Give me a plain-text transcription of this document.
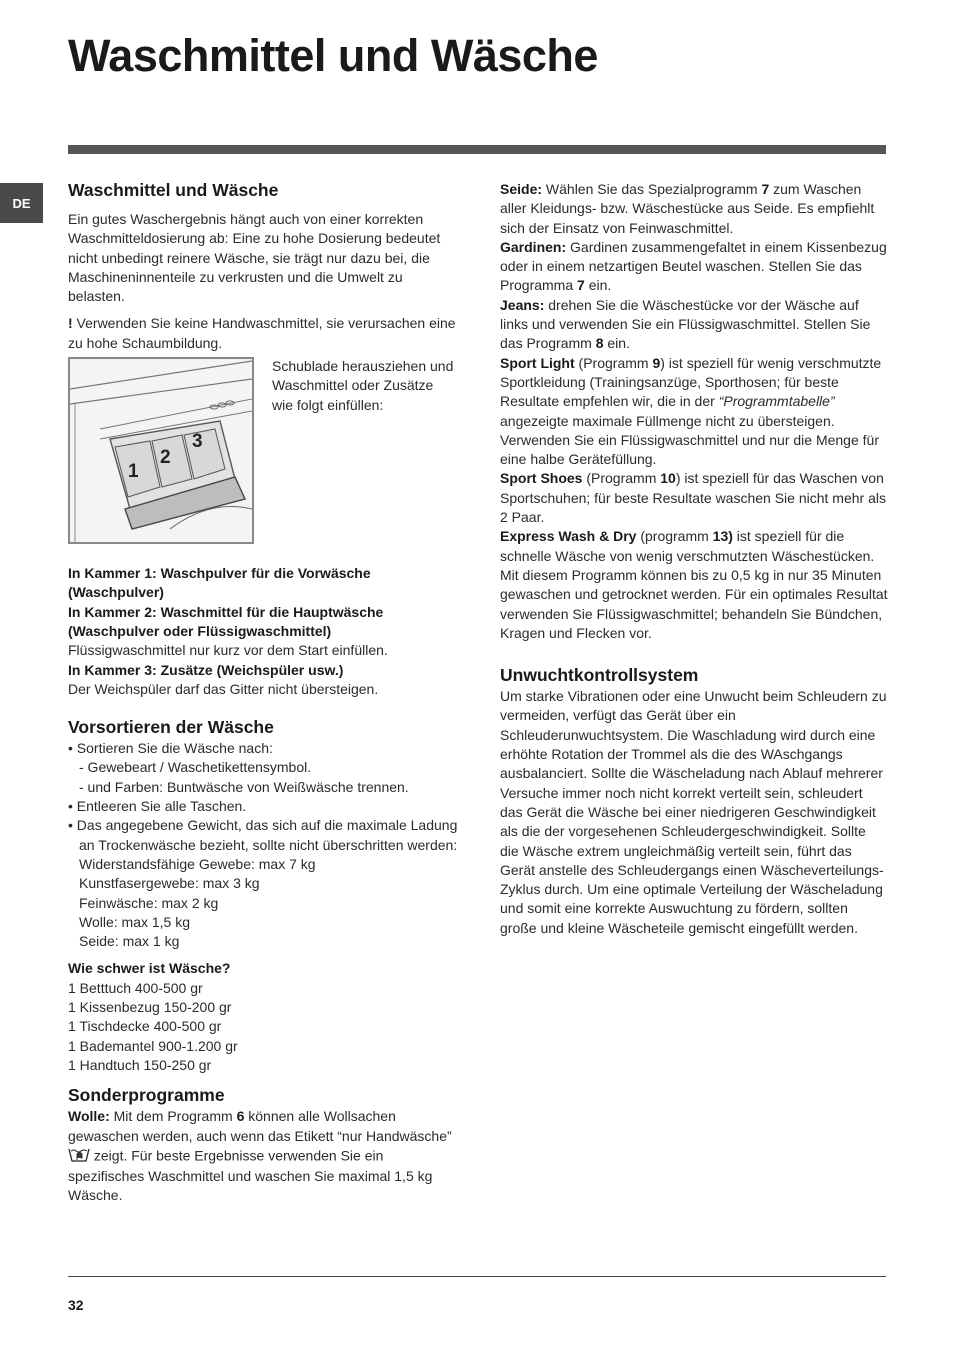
Waschmittel und Wäsche
DE
Waschmittel und Wäsche

Ein gutes Waschergebnis hängt auch von einer korrekten Waschmitteldosierung ab: Eine zu hohe Dosierung bedeutet nicht unbedingt reinere Wäsche, sie trägt nur dazu bei, die Maschineninnenteile zu verkrusten und die Umwelt zu belasten.

! Verwenden Sie keine Handwaschmittel, sie verursachen eine zu hohe Schaumbildung.

1
2
3

Schublade herausziehen und Waschmittel oder Zusätze wie folgt einfüllen:

In Kammer 1: Waschpulver für die Vorwäsche (Waschpulver)

In Kammer 2: Waschmittel für die Hauptwäsche (Waschpulver oder Flüssigwaschmittel)

Flüssigwaschmittel nur kurz vor dem Start einfüllen.

In Kammer 3: Zusätze (Weichspüler usw.)

Der Weichspüler darf das Gitter nicht übersteigen.

Vorsortieren der Wäsche

• Sortieren Sie die Wäsche nach:

- Gewebeart / Waschetikettensymbol.

- und Farben: Buntwäsche von Weißwäsche trennen.

• Entleeren Sie alle Taschen.

• Das angegebene Gewicht, das sich auf die maximale Ladung an Trockenwäsche bezieht, sollte nicht überschritten werden:

Widerstandsfähige Gewebe: max 7 kg

Kunstfasergewebe: max 3 kg

Feinwäsche: max 2 kg

Wolle: max 1,5 kg

Seide: max 1 kg

Wie schwer ist Wäsche?

1 Betttuch 400-500 gr

1 Kissenbezug 150-200 gr

1 Tischdecke 400-500 gr

1 Bademantel 900-1.200 gr

1 Handtuch 150-250 gr

Sonderprogramme

Wolle: Mit dem Programm 6 können alle Wollsachen gewaschen werden, auch wenn das Etikett “nur Handwäsche”  zeigt. Für beste Ergebnisse verwenden Sie ein spezifisches Waschmittel und waschen Sie maximal 1,5 kg Wäsche.

Seide: Wählen Sie das Spezialprogramm 7 zum Waschen aller Kleidungs- bzw. Wäschestücke aus Seide. Es empfiehlt sich der Einsatz von Feinwaschmittel.

Gardinen: Gardinen zusammengefaltet in einem Kissenbezug oder in einem netzartigen Beutel waschen. Stellen Sie das Programma 7 ein.

Jeans: drehen Sie die Wäschestücke vor der Wäsche auf links und verwenden Sie ein Flüssigwaschmittel. Stellen Sie das Programm 8 ein.

Sport Light (Programm 9) ist speziell für wenig verschmutzte Sportkleidung (Trainingsanzüge, Sporthosen; für beste Resultate empfehlen wir, die in der “Programmtabelle” angezeigte maximale Füllmenge nicht zu übersteigen. Verwenden Sie ein Flüssigwaschmittel und nur die Menge für eine halbe Gerätefüllung.

Sport Shoes (Programm 10) ist speziell für das Waschen von Sportschuhen; für beste Resultate waschen Sie nicht mehr als 2 Paar.

Express Wash & Dry (programm 13) ist speziell für die schnelle Wäsche von wenig verschmutzten Wäschestücken. Mit diesem Programm können bis zu 0,5 kg in nur 35 Minuten gewaschen und getrocknet werden. Für ein optimales Resultat verwenden Sie Flüssigwaschmittel; behandeln Sie Bündchen, Kragen und Flecken vor.

Unwuchtkontrollsystem

Um starke Vibrationen oder eine Unwucht beim Schleudern zu vermeiden, verfügt das Gerät über ein Schleuderunwuchtsystem. Die Waschladung wird durch eine erhöhte Rotation der Trommel als die des WAschgangs ausbalanciert. Sollte die Wäscheladung nach Ablauf mehrerer Versuche immer noch nicht korrekt verteilt sein, schleudert das Gerät die Wäsche bei einer niedrigeren Geschwindigkeit als die der vorgesehenen Schleudergeschwindigkeit. Sollte die Wäsche extrem ungleichmäßig verteilt sein, führt das Gerät anstelle des Schleudergangs einen Wäscheverteilungs-Zyklus durch. Um eine optimale Verteilung der Wäscheladung und somit eine korrekte Auswuchtung zu fördern, sollten große und kleine Wäscheteile gemischt eingefüllt werden.

32
